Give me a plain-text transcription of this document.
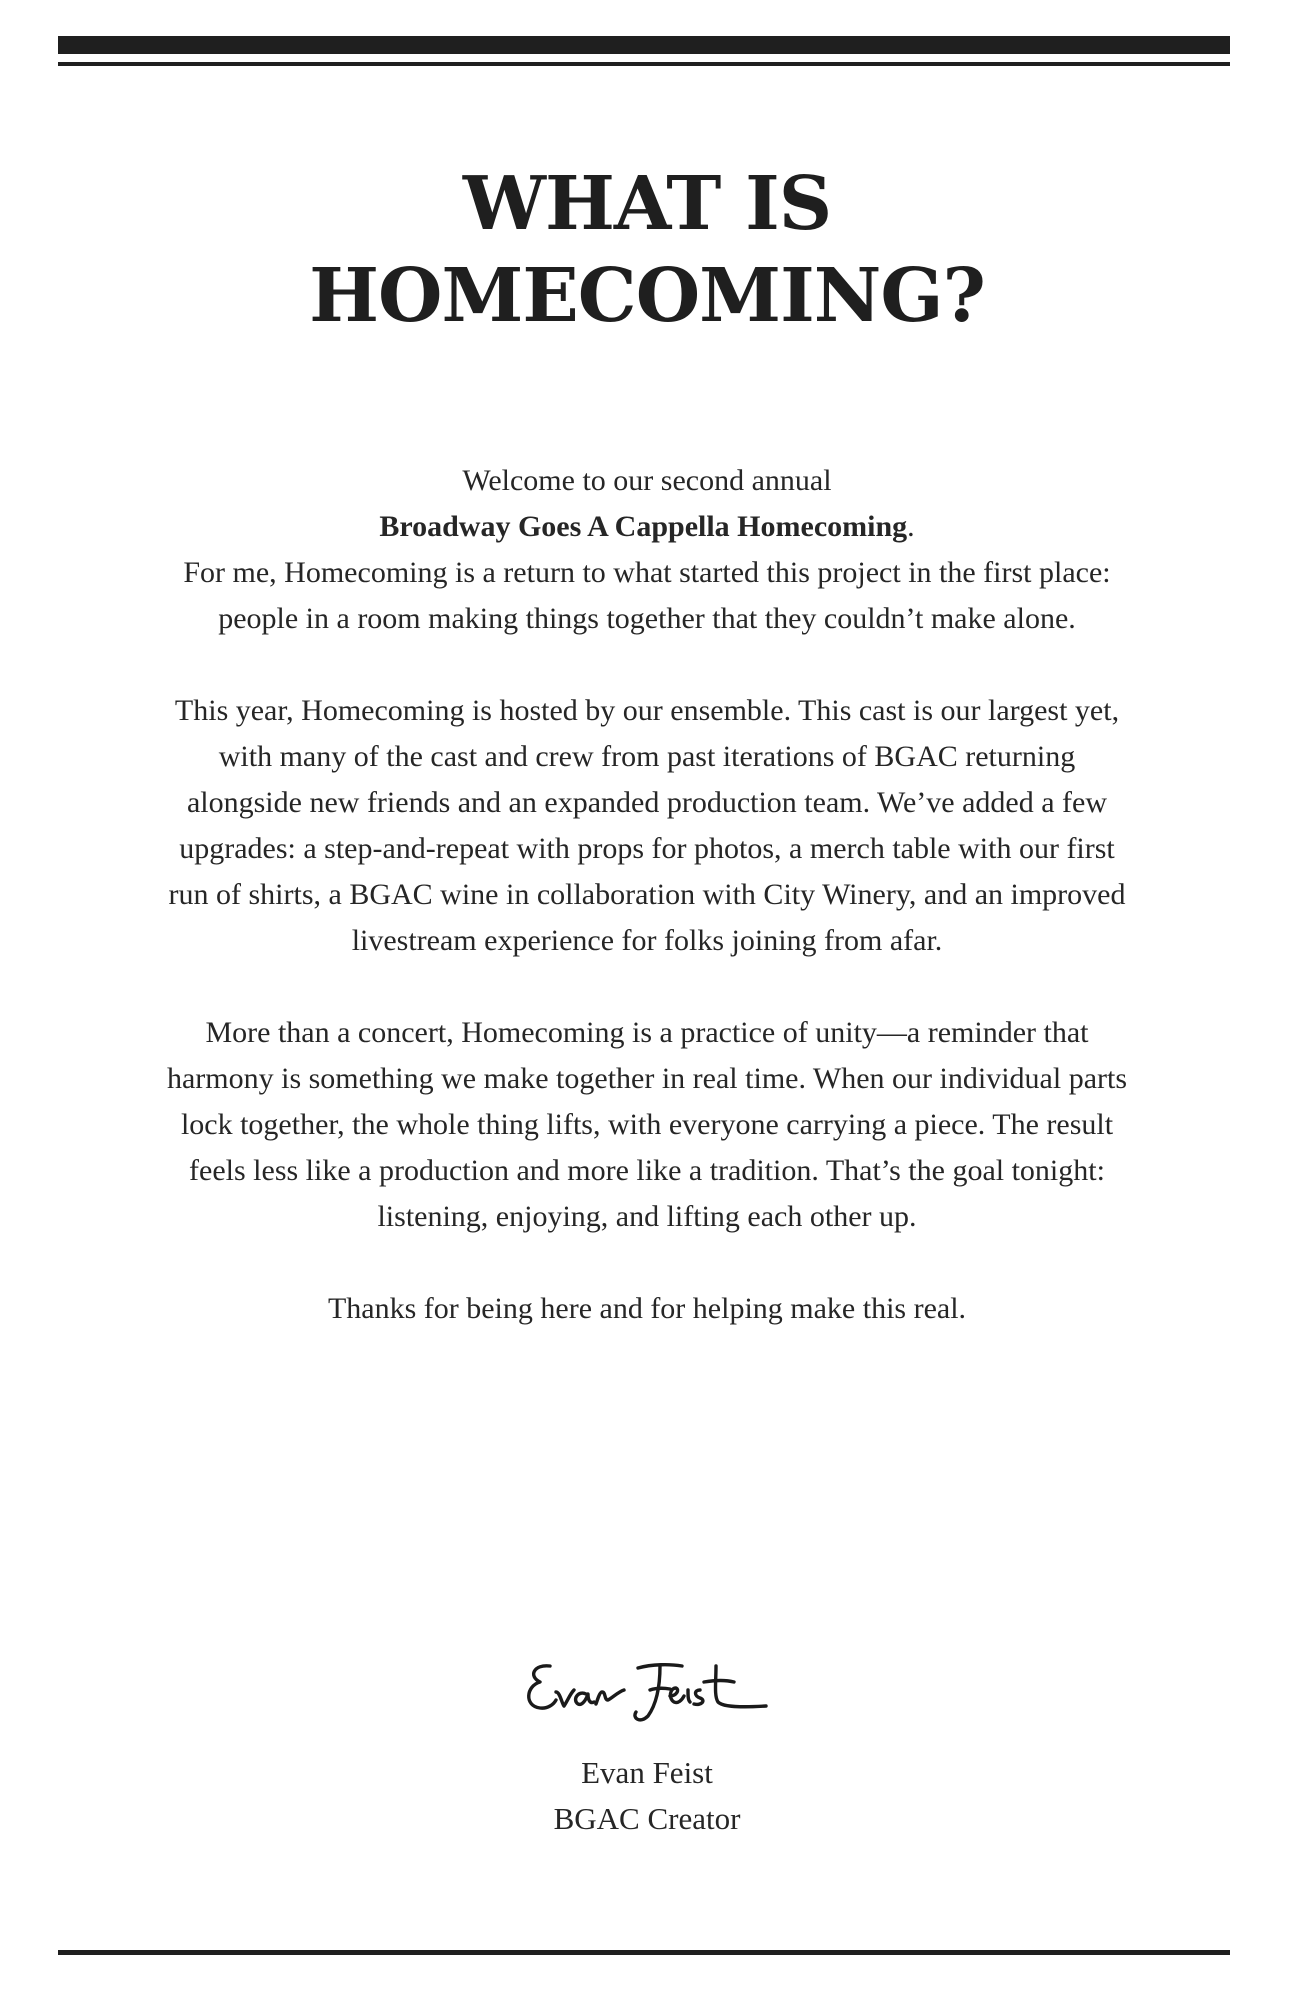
WHAT IS
HOMECOMING?

Welcome to our second annual
Broadway Goes A Cappella Homecoming.
For me, Homecoming is a return to what started this project in the first place: people in a room making things together that they couldn’t make alone.

This year, Homecoming is hosted by our ensemble. This cast is our largest yet, with many of the cast and crew from past iterations of BGAC returning alongside new friends and an expanded production team. We’ve added a few upgrades: a step-and-repeat with props for photos, a merch table with our first run of shirts, a BGAC wine in collaboration with City Winery, and an improved livestream experience for folks joining from afar.

More than a concert, Homecoming is a practice of unity—a reminder that harmony is something we make together in real time. When our individual parts lock together, the whole thing lifts, with everyone carrying a piece. The result feels less like a production and more like a tradition. That’s the goal tonight: listening, enjoying, and lifting each other up.

Thanks for being here and for helping make this real.

Evan Feist
BGAC Creator
